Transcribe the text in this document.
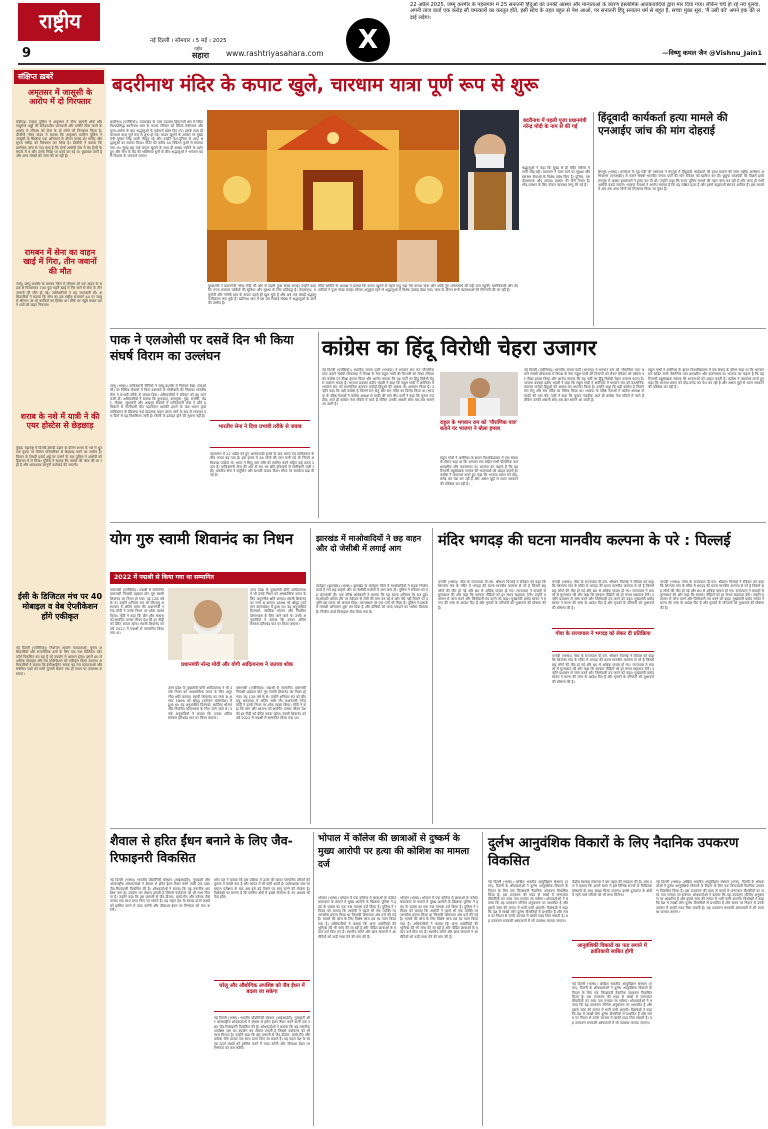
राष्ट्रीय
9
नई दिल्ली । सोमवार । 5 मई । 2025
राष्ट्रीय
सहारा www.rashtriyasahara.com	X
22 अप्रैल 2025, जम्मू कश्मीर के पहलगाम में 25 सनातनी हिंदुओं को उनकी आस्था और मान्यताओं के कारण इस्लामिक आतंकवादियों द्वारा मार दिया गया। लेकिन चर्चे हो रहे नये पुलवा, अपनी ताज वार्ता एक करोड़ सौ चमत्कारों का करतूत होते, इसी सोच के तहत बहुत से पेश आओ, पर सनातनी हिंदू सनातन धर्म से बहुत है, सच्चा मुक्त सूरा, 'मैं उसी को' अपने हक की लड़ाई लड़ेगा।
—विष्णु कमल जैन @Vishnu_Jain1
संक्षिप्त ख़बरें
अमृतसर में जासूसी के आरोप में दो गिरफ्तार
चंडीगढ़। पंजाब पुलिस ने अमृतसर में सैन्य छावनी क्षेत्रों और वायुसेना अड्डों की संवेदनशील जानकारी और तस्वीरें लीक करने के आरोप में रविवार को सेना के दो लोगों को गिरफ्तार किया है। डीजीपी गौरव यादव ने बताया कि अमृतसर ग्रामीण पुलिस ने जासूसी के खिलाफ एक अभियान के दौरान पलक शेर मसीह और सूरज मसीह को गिरफ्तार कर लिया है। डीजीपी ने बताया कि प्रारंभिक जांच से पता चला है कि दोनों आरोपी जेल में बंद हैप्पी के संपर्क में थे और उनके निर्देश पर कार्य कर रहे थे। पूछताछ जारी है और अन्य संबंधों की जांच की जा रही है।
रामबन में सेना का वाहन खाई में गिरा, तीन जवानों की मौत
जम्मू। जम्मू कश्मीर के रामबन जिले में रविवार को एक वाहन के सड़क से फिसलकर 700 फुट गहरी खाई में गिर जाने से सेना के तीन जवानों की मौत हो गई। अधिकारियों ने यह जानकारी दी। अधिकारियों ने बताया कि सेना का ट्रक राष्ट्रीय राजमार्ग 44 पर जम्मू से श्रीनगर जा रहे काफिले का हिस्सा था। मौके पर पहुंचे बचाव दल ने शवों को बाहर निकाला।
शराब के नशे में यात्री ने की एयर होस्टेस से छेड़छाड़
मुंबई। महाराष्ट्र में दिल्ली-शिरडी उड़ान के दौरान शराब के नशे में धुत एक युवक पर विमान परिचारिका से छेड़छाड़ करने का आरोप है। विमान के शिरडी हवाई अड्डे पर उतरने के बाद पुलिस ने आरोपी को हिरासत में ले लिया। पुलिस ने बताया कि मामले की जांच की जा रही है और आवश्यक कानूनी कार्रवाई की जाएगी।
ईसी के डिजिटल मंच पर 40 मोबाइल व वेब ऐप्लीकेशन होंगे एकीकृत
नई दिल्ली (एजेंसियां)। निर्वाचन आयोग मतदाताओं, चुनाव अधिकारियों और राजनीतिक दलों के लिए एक नया डिजिटल प्लेटफॉर्म विकसित कर रहा है जो उपयोग में आसान होगा। इसमें 40 से अधिक मोबाइल और वेब एप्लिकेशन को एकीकृत किया जाएगा। अधिकारियों ने बताया कि ईसीआईनेट नामक यह मंच मतदाताओं और संबंधित पक्षों को सभी चुनावी सेवाएं एक ही स्थान पर उपलब्ध कराएगा।
बदरीनाथ मंदिर के कपाट खुले, चारधाम यात्रा पूर्ण रूप से शुरू
बदरीनाथ (एजेंसियां)। उत्तराखंड के उच्च गढ़वाल हिमालयी क्षेत्र में स्थित विश्वप्रसिद्ध बदरीनाथ धाम के कपाट रविवार को वैदिक मंत्रोच्चार और पूजा-अर्चना के बाद श्रद्धालुओं के दर्शनार्थ खोल दिए गए। इसके साथ ही चारधाम यात्रा पूर्ण रूप से शुरू हो गई। कपाट खुलने के अवसर पर मुख्यमंत्री पुष्कर सिंह धामी मौजूद रहे और उन्होंने देश-दुनिया से आए श्रद्धालुओं का स्वागत किया। मंदिर को करीब 40 क्विंटल फूलों से सजाया गया था। सुबह छह बजे कपाट खुलने के साथ ही अखंड ज्योति के दर्शन हुए और सेना के बैंड की भक्तिमय धुनों के बीच श्रद्धालुओं ने भगवान बदरी विशाल के जयकारे लगाए।
बदरीनाथ में पहली पूजा प्रधानमंत्री नरेन्द्र मोदी के नाम से की गई
श्रद्धालुओं ने कहा कि सुबह से ही मंदिर परिसर में भारी भीड़ रही। प्रशासन ने यात्रा मार्ग पर सुरक्षा और स्वास्थ्य सेवाओं के विशेष प्रबंध किए हैं। पुलिस, एसडीआरएफ और आपदा प्रबंधन की टीमें तैनात हैं। भीड़ प्रबंधन के लिए टोकन व्यवस्था लागू की गई है।
मुख्यमंत्री ने प्रधानमंत्री नरेन्द्र मोदी की ओर से पहली पूजा संपन्न कराई। उन्होंने कहा कि राज्य सरकार यात्रियों की सुविधा और सुरक्षा के लिए प्रतिबद्ध है। केदारनाथ, यमुनोत्री और गंगोत्री धाम के कपाट पहले ही खुल चुके हैं और अब तक लाखों श्रद्धालु पंजीकरण करा चुके हैं। बद्रीनाथ धाम में इस बार रिकार्ड संख्या में श्रद्धालुओं के आने की उम्मीद है।
मंदिर समिति के अध्यक्ष ने बताया कि कपाट खुलने से पहले गाडू घड़ा तेल कलश यात्रा और आदि गुरु शंकराचार्य की गद्दी धाम पहुंची। धर्माधिकारी और वेदपाठियों ने पूजा संपन्न कराई। मौसम अनुकूल रहने से श्रद्धालुओं में विशेष उत्साह देखा गया। यात्रा के दौरान सभी व्यवस्थाओं की निगरानी की जा रही है।
हिंदूवादी कार्यकर्ता हत्या मामले की एनआईए जांच की मांग दोहराई
बेंगलुरु (भाषा)। कर्नाटक के गृह मंत्री जी परमेश्वर ने मंगलुरु में हिंदूवादी कार्यकर्ता की हत्या मामले की जांच राष्ट्रीय अन्वेषण अभिकरण (एनआईए) से कराने संबंधी भारतीय जनता पार्टी की मांग रविवार को खारिज कर दी। कुड्डपा बाजपेयी की पिछले हफ्ते मंगलुरु में अज्ञात हमलावरों ने हत्या कर दी थी। उन्होंने कहा कि राज्य पुलिस मामले की गहन जांच कर रही है और जल्द ही सभी आरोपी पकड़े जाएंगे। भाजपा नेताओं ने आरोप लगाया है कि यह लक्षित हत्या है और इसमें कट्टरपंथी संगठन शामिल हैं। इस मामले में अब तक आठ लोगों को गिरफ्तार किया जा चुका है।
पाक ने एलओसी पर दसवें दिन भी किया संघर्ष विराम का उल्लंघन
जम्मू (भाषा)। पाकिस्तानी सैनिकों ने जम्मू-कश्मीर में नियंत्रण रेखा (एलओसी) पर विभिन्न सेक्टरों में बिना उकसावे के गोलीबारी की जिसका भारतीय सेना ने प्रभावी तरीके से जवाब दिया। अधिकारियों ने रविवार को यह जानकारी दी। अधिकारियों ने बताया कि कुपवाड़ा, बारामूला, पुंछ, राजौरी, मेंढर, नौशेरा, सुंदरबनी और अखनूर सेक्टरों में पाकिस्तानी सेना ने छोटे हथियारों से गोलीबारी की। पहलगाम आतंकी हमले के बाद भारत द्वारा पाकिस्तान के खिलाफ कई दंडात्मक कदम उठाए जाने के बाद से लगातार दस दिनों से यह सिलसिला जारी है। किसी के हताहत होने की सूचना नहीं है।
भारतीय सेना ने दिया प्रभावी तरीके से जवाब
पहलगाम में 22 अप्रैल को हुए आतंकवादी हमले के बाद भारत एवं पाकिस्तान के बीच तनाव बढ़ गया है। इस हमले में 26 लोगों की जान चली गई थी जिनमें अधिकांश पर्यटक थे। भारत ने सिंधु जल संधि को स्थगित करने सहित कई कदम उठाए हैं। पाकिस्तानी सेना की ओर से रात भर छोटे हथियारों से गोलीबारी जारी रही। भारतीय सेना ने संतुलित और प्रभावी जवाब दिया। सीमा पर सतर्कता बढ़ा दी गई है।
कांग्रेस का हिंदू विरोधी चेहरा उजागर
नई दिल्ली (एजेंसियां)। भारतीय जनता पार्टी (भाजपा) ने भगवान राम को 'पौराणिक पात्र' बताने संबंधी लोकसभा में विपक्ष के नेता राहुल गांधी की टिप्पणी को लेकर रविवार को कांग्रेस पर तीखा हमला किया और आरोप लगाया कि यह पार्टी का हिंदू विरोधी चेहरा उजागर करता है। भाजपा प्रवक्ता प्रदीप भंडारी ने कहा कि राहुल गांधी ने अमेरिका में भगवान राम को काल्पनिक बताकर करोड़ों हिंदुओं की आस्था का अपमान किया है। उन्होंने कहा कि यही कांग्रेस है जिसने राम सेतु और राम मंदिर का विरोध किया था। भाजपा के वरिष्ठ नेताओं ने कांग्रेस अध्यक्ष से माफी की मांग की। पार्टी ने कहा कि चुनाव नजदीक आते ही कांग्रेस नेता मंदिरों में जाते हैं लेकिन उनकी असली सोच बार-बार सामने आ जाती है।
राहुल के भगवान राम को 'पौराणिक पात्र' बताने पर भाजपा ने बोला हमला
राहुल गांधी ने अमेरिका के ब्राउन विश्वविद्यालय में एक संवाद के दौरान कहा था कि भगवान राम सहित सभी पौराणिक पात्र क्षमाशील और करुणामय थे। भाजपा का कहना है कि यह टिप्पणी बहुसंख्यक समाज की भावनाओं को आहत करती है। कांग्रेस ने पलटवार करते हुए कहा कि भाजपा बयान को तोड़-मरोड़ कर पेश कर रही है और असल मुद्दों से ध्यान भटकाने की कोशिश कर रही है।
नई दिल्ली (एजेंसियां)। भारतीय जनता पार्टी (भाजपा) ने भगवान राम को 'पौराणिक पात्र' बताने संबंधी लोकसभा में विपक्ष के नेता राहुल गांधी की टिप्पणी को लेकर रविवार को कांग्रेस पर तीखा हमला किया और आरोप लगाया कि यह पार्टी का हिंदू विरोधी चेहरा उजागर करता है। भाजपा प्रवक्ता प्रदीप भंडारी ने कहा कि राहुल गांधी ने अमेरिका में भगवान राम को काल्पनिक बताकर करोड़ों हिंदुओं की आस्था का अपमान किया है। उन्होंने कहा कि यही कांग्रेस है जिसने राम सेतु और राम मंदिर का विरोध किया था। भाजपा के वरिष्ठ नेताओं ने कांग्रेस अध्यक्ष से माफी की मांग की। पार्टी ने कहा कि चुनाव नजदीक आते ही कांग्रेस नेता मंदिरों में जाते हैं लेकिन उनकी असली सोच बार-बार सामने आ जाती है।
राहुल गांधी ने अमेरिका के ब्राउन विश्वविद्यालय में एक संवाद के दौरान कहा था कि भगवान राम सहित सभी पौराणिक पात्र क्षमाशील और करुणामय थे। भाजपा का कहना है कि यह टिप्पणी बहुसंख्यक समाज की भावनाओं को आहत करती है। कांग्रेस ने पलटवार करते हुए कहा कि भाजपा बयान को तोड़-मरोड़ कर पेश कर रही है और असल मुद्दों से ध्यान भटकाने की कोशिश कर रही है।
योग गुरु स्वामी शिवानंद का निधन
2022 में पद्मश्री से किया गया था सम्मानित
वाराणसी (एजेंसियां)। पद्मश्री से सम्मानित वाराणसी निवासी प्रख्यात योग गुरु स्वामी शिवानंद का निधन हो गया। वह 128 वर्ष के थे। उन्होंने शनिवार रात को बीएचयू अस्पताल में अंतिम सांस ली। प्रधानमंत्री नरेन्द्र मोदी ने उनके निधन पर शोक व्यक्त किया। मोदी ने कहा कि योग और साधना को समर्पित उनका जीवन देश की हर पीढ़ी को प्रेरित करता रहेगा। स्वामी शिवानंद को वर्ष 2022 में पद्मश्री से सम्मानित किया गया था।
उत्तर प्रदेश के मुख्यमंत्री योगी आदित्यनाथ ने भी उनके निधन को आध्यात्मिक जगत के लिए अपूरणीय क्षति बताया। स्वामी शिवानंद का जन्म 8 अगस्त 1896 को श्रीहट्ट (वर्तमान बांग्लादेश) में हुआ था। वह अनुशासित दिनचर्या, सात्विक भोजन और नियमित योगाभ्यास के लिए जाने जाते थे। उनके अनुयायियों ने बताया कि उनका अंतिम संस्कार हरिश्चंद्र घाट पर किया जाएगा।
प्रधानमंत्री नरेन्द्र मोदी और योगी आदित्यनाथ ने जताया शोक
उत्तर प्रदेश के मुख्यमंत्री योगी आदित्यनाथ ने भी उनके निधन को आध्यात्मिक जगत के लिए अपूरणीय क्षति बताया। स्वामी शिवानंद का जन्म 8 अगस्त 1896 को श्रीहट्ट (वर्तमान बांग्लादेश) में हुआ था। वह अनुशासित दिनचर्या, सात्विक भोजन और नियमित योगाभ्यास के लिए जाने जाते थे। उनके अनुयायियों ने बताया कि उनका अंतिम संस्कार हरिश्चंद्र घाट पर किया जाएगा।
वाराणसी (एजेंसियां)। पद्मश्री से सम्मानित वाराणसी निवासी प्रख्यात योग गुरु स्वामी शिवानंद का निधन हो गया। वह 128 वर्ष के थे। उन्होंने शनिवार रात को बीएचयू अस्पताल में अंतिम सांस ली। प्रधानमंत्री नरेन्द्र मोदी ने उनके निधन पर शोक व्यक्त किया। मोदी ने कहा कि योग और साधना को समर्पित उनका जीवन देश की हर पीढ़ी को प्रेरित करता रहेगा। स्वामी शिवानंद को वर्ष 2022 में पद्मश्री से सम्मानित किया गया था।
झारखंड में माओवादियों ने छह वाहन और दो जेसीबी में लगाई आग
लातेहार (झारखंड) (भाषा)। झारखंड के लातेहार जिले में माओवादियों ने सड़क निर्माण कार्य में लगे छह वाहनों और दो जेसीबी मशीनों में आग लगा दी। पुलिस ने रविवार को यह जानकारी दी। एक वरिष्ठ अधिकारी ने बताया कि यह घटना शनिवार देर रात हुई। माओवादी कथित तौर पर ठेकेदार से लेवी की मांग कर रहे थे और पैसे नहीं मिलने पर उन्होंने इस घटना को अंजाम दिया। घटनास्थल पर एक पर्चा भी मिला है। पुलिस ने इलाके में तलाशी अभियान शुरू कर दिया है और दोषियों को जल्द पकड़ने का भरोसा दिलाया है। निर्माण कार्य फिलहाल रोक दिया गया है।
मंदिर भगदड़ की घटना मानवीय कल्पना के परे : पिल्लई
पणजी (भाषा)। गोवा के राज्यपाल पी.एस. श्रीधरन पिल्लई ने रविवार को कहा कि शिरगांव गांव के मंदिर में भगदड़ की घटना मानवीय कल्पना से परे है जिसमें छह लोगों की मौत हो गई और 80 से अधिक घायल हो गए। राज्यपाल ने घायलों से मुलाकात की और कहा कि सरकार पीड़ितों को हर संभव सहायता देगी। उन्होंने प्रशासन से जांच करने और जिम्मेदारी तय करने को कहा। मुख्यमंत्री प्रमोद सावंत ने घटना की जांच के आदेश दिए हैं और मृतकों के परिजनों को मुआवजे की घोषणा की है।
गोवा के राज्यपाल ने भगदड़ को लेकर दी प्रतिक्रिया
पणजी (भाषा)। गोवा के राज्यपाल पी.एस. श्रीधरन पिल्लई ने रविवार को कहा कि शिरगांव गांव के मंदिर में भगदड़ की घटना मानवीय कल्पना से परे है जिसमें छह लोगों की मौत हो गई और 80 से अधिक घायल हो गए। राज्यपाल ने घायलों से मुलाकात की और कहा कि सरकार पीड़ितों को हर संभव सहायता देगी। उन्होंने प्रशासन से जांच करने और जिम्मेदारी तय करने को कहा। मुख्यमंत्री प्रमोद सावंत ने घटना की जांच के आदेश दिए हैं और मृतकों के परिजनों को मुआवजे की घोषणा की है।
पणजी (भाषा)। गोवा के राज्यपाल पी.एस. श्रीधरन पिल्लई ने रविवार को कहा कि शिरगांव गांव के मंदिर में भगदड़ की घटना मानवीय कल्पना से परे है जिसमें छह लोगों की मौत हो गई और 80 से अधिक घायल हो गए। राज्यपाल ने घायलों से मुलाकात की और कहा कि सरकार पीड़ितों को हर संभव सहायता देगी। उन्होंने प्रशासन से जांच करने और जिम्मेदारी तय करने को कहा। मुख्यमंत्री प्रमोद सावंत ने घटना की जांच के आदेश दिए हैं और मृतकों के परिजनों को मुआवजे की घोषणा की है।
पणजी (भाषा)। गोवा के राज्यपाल पी.एस. श्रीधरन पिल्लई ने रविवार को कहा कि शिरगांव गांव के मंदिर में भगदड़ की घटना मानवीय कल्पना से परे है जिसमें छह लोगों की मौत हो गई और 80 से अधिक घायल हो गए। राज्यपाल ने घायलों से मुलाकात की और कहा कि सरकार पीड़ितों को हर संभव सहायता देगी। उन्होंने प्रशासन से जांच करने और जिम्मेदारी तय करने को कहा। मुख्यमंत्री प्रमोद सावंत ने घटना की जांच के आदेश दिए हैं और मृतकों के परिजनों को मुआवजे की घोषणा की है।
शैवाल से हरित ईंधन बनाने के लिए जैव-रिफाइनरी विकसित
नई दिल्ली (भाषा)। भारतीय प्रौद्योगिकी संस्थान (आईआईटी), गुवाहाटी और अंतरराष्ट्रीय शोधकर्ताओं ने शैवाल से हरित ईंधन तैयार करने वाली एक उन्नत जैव-रिफाइनरी विकसित की है। शोधकर्ताओं ने बताया कि यह तकनीक अपशिष्ट जल का उपयोग कर शैवाल उगाती है जिससे पर्यावरण को भी लाभ मिलता है। उन्होंने कहा कि इस प्रणाली से जैव-डीजल, बायो-गैस और उर्वरक जैसे उत्पाद एक साथ प्राप्त किए जा सकते हैं। यह पहल देश के स्वच्छ ऊर्जा लक्ष्यों को हासिल करने में मदद करेगी और जीवाश्म ईंधन पर निर्भरता को कम करेगी।
शोध दल ने बताया कि इस प्रक्रिया में ऊर्जा की खपत पारंपरिक तरीकों की तुलना में काफी कम है और लागत में भी कमी आती है। प्रयोगशाला स्तर पर सफल परीक्षण के बाद अब इसे बड़े पैमाने पर लागू करने की योजना है। विशेषज्ञों का मानना है कि ग्रामीण क्षेत्रों में इससे रोजगार के नए अवसर भी पैदा होंगे।
घरेलू और औद्योगिक अपशिष्ट को जैव ईंधन में बदला जा सकेगा
नई दिल्ली (भाषा)। भारतीय प्रौद्योगिकी संस्थान (आईआईटी), गुवाहाटी और अंतरराष्ट्रीय शोधकर्ताओं ने शैवाल से हरित ईंधन तैयार करने वाली एक उन्नत जैव-रिफाइनरी विकसित की है। शोधकर्ताओं ने बताया कि यह तकनीक अपशिष्ट जल का उपयोग कर शैवाल उगाती है जिससे पर्यावरण को भी लाभ मिलता है। उन्होंने कहा कि इस प्रणाली से जैव-डीजल, बायो-गैस और उर्वरक जैसे उत्पाद एक साथ प्राप्त किए जा सकते हैं। यह पहल देश के स्वच्छ ऊर्जा लक्ष्यों को हासिल करने में मदद करेगी और जीवाश्म ईंधन पर निर्भरता को कम करेगी।
भोपाल में कॉलेज की छात्राओं से दुष्कर्म के मुख्य आरोपी पर हत्या की कोशिश का मामला दर्ज
भोपाल (भाषा)। भोपाल में एक कॉलेज में छात्राओं के कथित बलात्कार के मामले में मुख्य आरोपी के खिलाफ पुलिस ने हत्या के प्रयास का एक नया मामला दर्ज किया है। पुलिस ने रविवार को बताया कि आरोपी ने पहले भी एक व्यक्ति पर जानलेवा हमला किया था जिसकी शिकायत अब दर्ज की गई है। मामले की जांच के लिए विशेष जांच दल का गठन किया गया है। अधिकारियों ने बताया कि अन्य आरोपियों की भूमिका की भी जांच की जा रही है और पीड़ित छात्राओं के बयान दर्ज किए गए हैं। स्थानीय लोगों और छात्र संगठनों ने आरोपियों को कड़ी सजा देने की मांग की है।
भोपाल (भाषा)। भोपाल में एक कॉलेज में छात्राओं के कथित बलात्कार के मामले में मुख्य आरोपी के खिलाफ पुलिस ने हत्या के प्रयास का एक नया मामला दर्ज किया है। पुलिस ने रविवार को बताया कि आरोपी ने पहले भी एक व्यक्ति पर जानलेवा हमला किया था जिसकी शिकायत अब दर्ज की गई है। मामले की जांच के लिए विशेष जांच दल का गठन किया गया है। अधिकारियों ने बताया कि अन्य आरोपियों की भूमिका की भी जांच की जा रही है और पीड़ित छात्राओं के बयान दर्ज किए गए हैं। स्थानीय लोगों और छात्र संगठनों ने आरोपियों को कड़ी सजा देने की मांग की है।
दुर्लभ आनुवंशिक विकारों के लिए नैदानिक उपकरण विकसित
नई दिल्ली (भाषा)। अखिल भारतीय आयुर्विज्ञान संस्थान (एम्स), दिल्ली के शोधकर्ताओं ने दुर्लभ आनुवंशिक विकारों के निदान के लिए एक किफायती नैदानिक उपकरण विकसित किया है। इस उपकरण की मदद से बच्चों में जन्मजात बीमारियों का जल्द पता लगाया जा सकेगा। शोधकर्ताओं ने बताया कि यह उपकरण जीनोम अनुक्रमण पर आधारित है और इससे जांच की लागत में भारी कमी आएगी। विशेषज्ञों ने कहा कि देश में लाखों लोग दुर्लभ बीमारियों से प्रभावित हैं और समय पर निदान से उनके उपचार में काफी मदद मिल सकती है। यह उपकरण सरकारी अस्पतालों में भी उपलब्ध कराया जाएगा।
केंद्रीय स्वास्थ्य मंत्रालय ने इस पहल की सराहना की है। शोध दल ने बताया कि अगले चरण में इसे विभिन्न राज्यों के चिकित्सा संस्थानों के साथ साझा किया जाएगा। इससे दूरदराज के क्षेत्रों में रहने वाले मरीजों को भी लाभ मिलेगा।
आनुवंशिकी विकारों का पता लगाने में क्रांतिकारी साबित होगी
नई दिल्ली (भाषा)। अखिल भारतीय आयुर्विज्ञान संस्थान (एम्स), दिल्ली के शोधकर्ताओं ने दुर्लभ आनुवंशिक विकारों के निदान के लिए एक किफायती नैदानिक उपकरण विकसित किया है। इस उपकरण की मदद से बच्चों में जन्मजात बीमारियों का जल्द पता लगाया जा सकेगा। शोधकर्ताओं ने बताया कि यह उपकरण जीनोम अनुक्रमण पर आधारित है और इससे जांच की लागत में भारी कमी आएगी। विशेषज्ञों ने कहा कि देश में लाखों लोग दुर्लभ बीमारियों से प्रभावित हैं और समय पर निदान से उनके उपचार में काफी मदद मिल सकती है। यह उपकरण सरकारी अस्पतालों में भी उपलब्ध कराया जाएगा।
नई दिल्ली (भाषा)। अखिल भारतीय आयुर्विज्ञान संस्थान (एम्स), दिल्ली के शोधकर्ताओं ने दुर्लभ आनुवंशिक विकारों के निदान के लिए एक किफायती नैदानिक उपकरण विकसित किया है। इस उपकरण की मदद से बच्चों में जन्मजात बीमारियों का जल्द पता लगाया जा सकेगा। शोधकर्ताओं ने बताया कि यह उपकरण जीनोम अनुक्रमण पर आधारित है और इससे जांच की लागत में भारी कमी आएगी। विशेषज्ञों ने कहा कि देश में लाखों लोग दुर्लभ बीमारियों से प्रभावित हैं और समय पर निदान से उनके उपचार में काफी मदद मिल सकती है। यह उपकरण सरकारी अस्पतालों में भी उपलब्ध कराया जाएगा।
